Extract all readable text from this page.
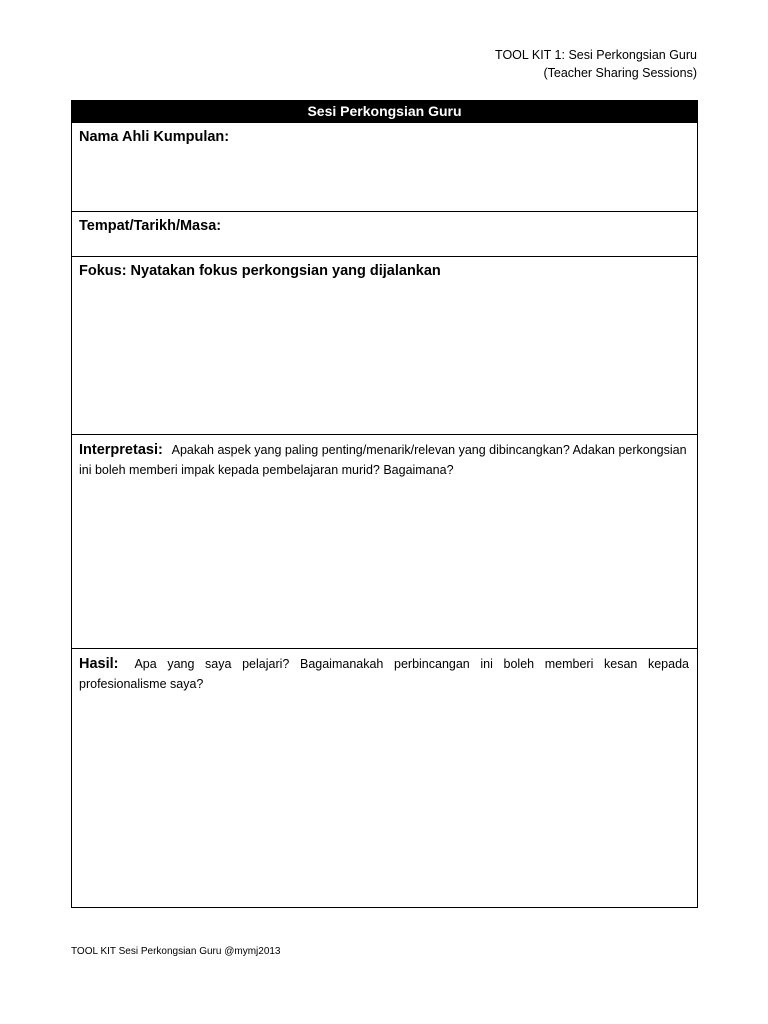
TOOL KIT 1: Sesi Perkongsian Guru
(Teacher Sharing Sessions)
Sesi Perkongsian Guru
Nama Ahli Kumpulan:
Tempat/Tarikh/Masa:
Fokus: Nyatakan fokus perkongsian yang dijalankan
Interpretasi: Apakah aspek yang paling penting/menarik/relevan yang dibincangkan? Adakan perkongsian ini boleh memberi impak kepada pembelajaran murid? Bagaimana?
Hasil: Apa yang saya pelajari? Bagaimanakah perbincangan ini boleh memberi kesan kepada profesionalisme saya?
TOOL KIT Sesi Perkongsian Guru @mymj2013
